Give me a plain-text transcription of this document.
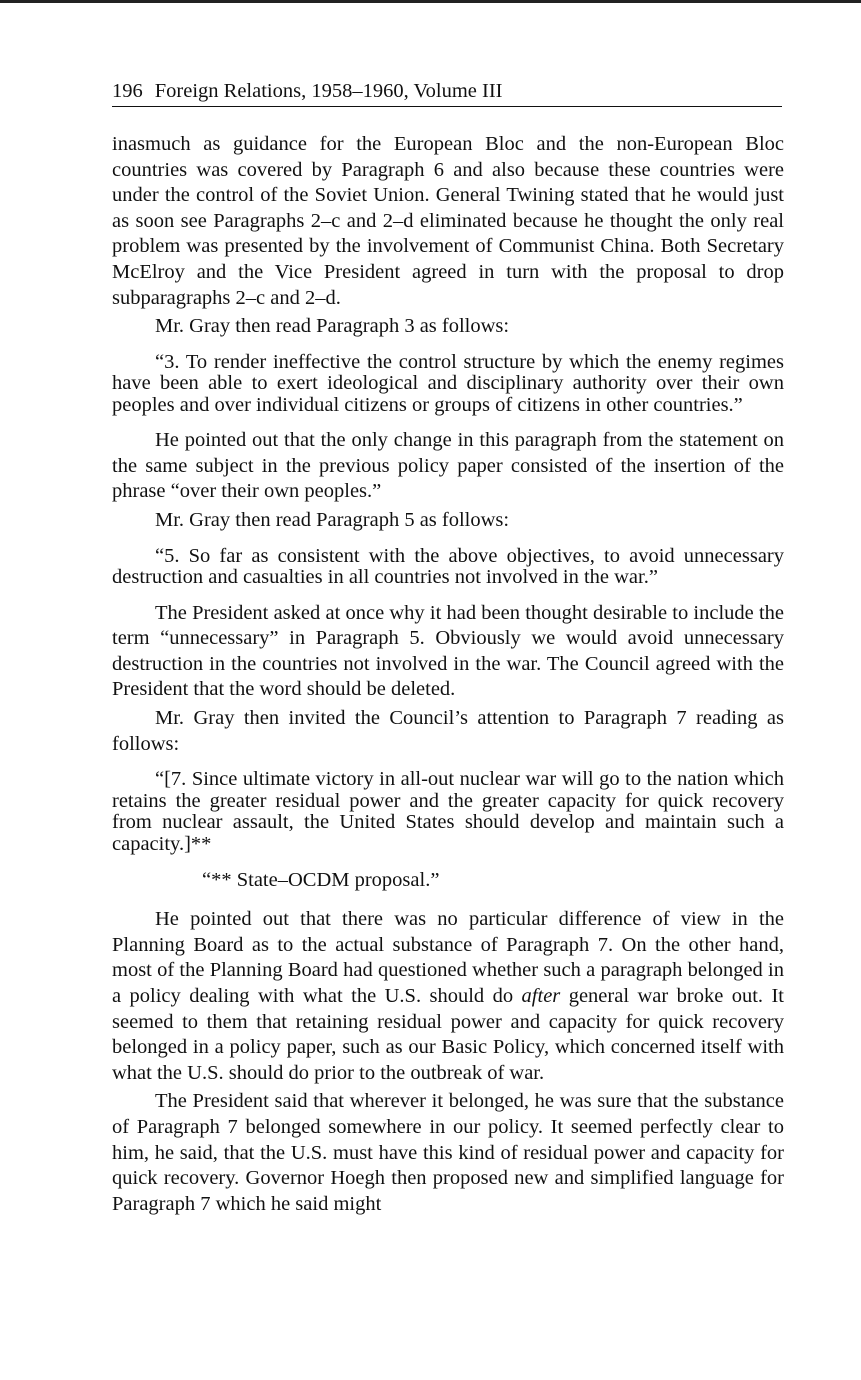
196 Foreign Relations, 1958–1960, Volume III

inasmuch as guidance for the European Bloc and the non-European Bloc countries was covered by Paragraph 6 and also because these countries were under the control of the Soviet Union. General Twining stated that he would just as soon see Paragraphs 2–c and 2–d eliminated because he thought the only real problem was presented by the involvement of Communist China. Both Secretary McElroy and the Vice President agreed in turn with the proposal to drop subparagraphs 2–c and 2–d.

Mr. Gray then read Paragraph 3 as follows:

“3. To render ineffective the control structure by which the enemy regimes have been able to exert ideological and disciplinary authority over their own peoples and over individual citizens or groups of citizens in other countries.”

He pointed out that the only change in this paragraph from the statement on the same subject in the previous policy paper consisted of the insertion of the phrase “over their own peoples.”

Mr. Gray then read Paragraph 5 as follows:

“5. So far as consistent with the above objectives, to avoid unnecessary destruction and casualties in all countries not involved in the war.”

The President asked at once why it had been thought desirable to include the term “unnecessary” in Paragraph 5. Obviously we would avoid unnecessary destruction in the countries not involved in the war. The Council agreed with the President that the word should be deleted.

Mr. Gray then invited the Council’s attention to Paragraph 7 reading as follows:

“[7. Since ultimate victory in all-out nuclear war will go to the nation which retains the greater residual power and the greater capacity for quick recovery from nuclear assault, the United States should develop and maintain such a capacity.]**

“** State–OCDM proposal.”

He pointed out that there was no particular difference of view in the Planning Board as to the actual substance of Paragraph 7. On the other hand, most of the Planning Board had questioned whether such a paragraph belonged in a policy dealing with what the U.S. should do after general war broke out. It seemed to them that retaining residual power and capacity for quick recovery belonged in a policy paper, such as our Basic Policy, which concerned itself with what the U.S. should do prior to the outbreak of war.

The President said that wherever it belonged, he was sure that the substance of Paragraph 7 belonged somewhere in our policy. It seemed perfectly clear to him, he said, that the U.S. must have this kind of residual power and capacity for quick recovery. Governor Hoegh then proposed new and simplified language for Paragraph 7 which he said might
